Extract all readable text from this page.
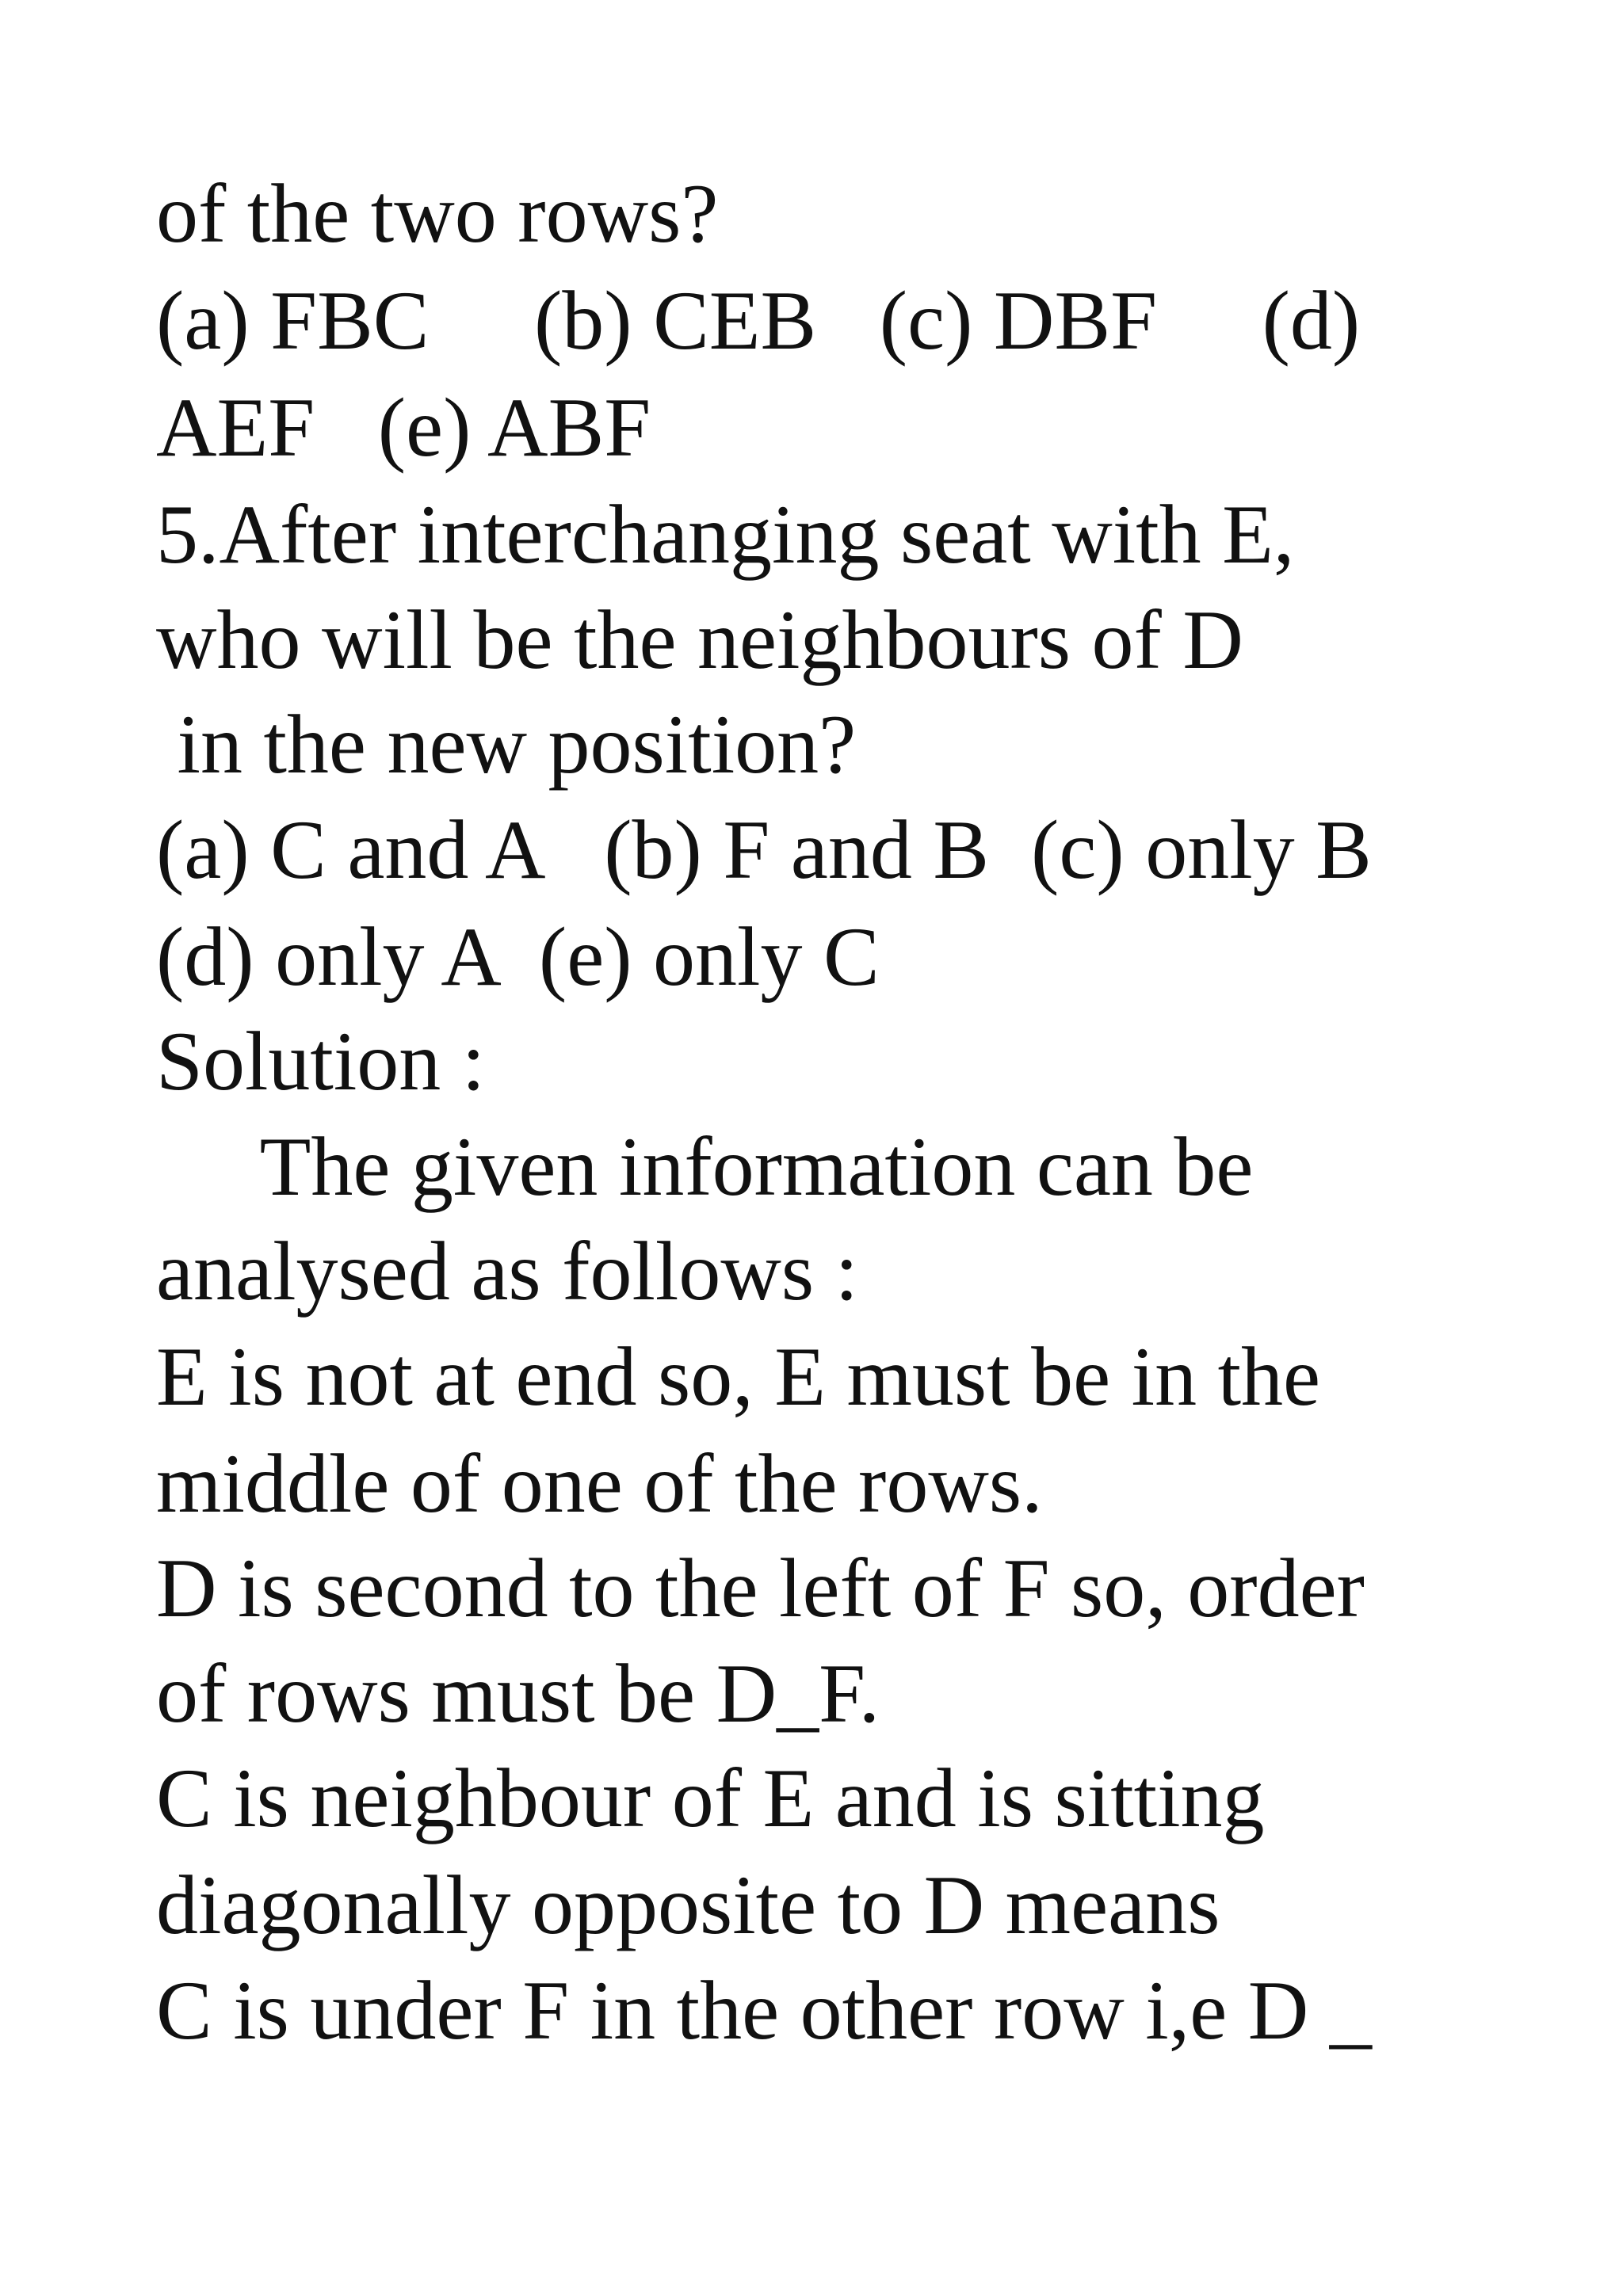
of the two rows?

(a) FBC     (b) CEB   (c) DBF     (d)

AEF   (e) ABF

5.After interchanging seat with E,

who will be the neighbours of D

in the new position?

(a) C and A   (b) F and B  (c) only B

(d) only A  (e) only C

Solution :

The given information can be

analysed as follows :

E is not at end so, E must be in the

middle of one of the rows.

D is second to the left of F so, order

of rows must be D_F.

C is neighbour of E and is sitting

diagonally opposite to D means

C is under F in the other row i,e D _
